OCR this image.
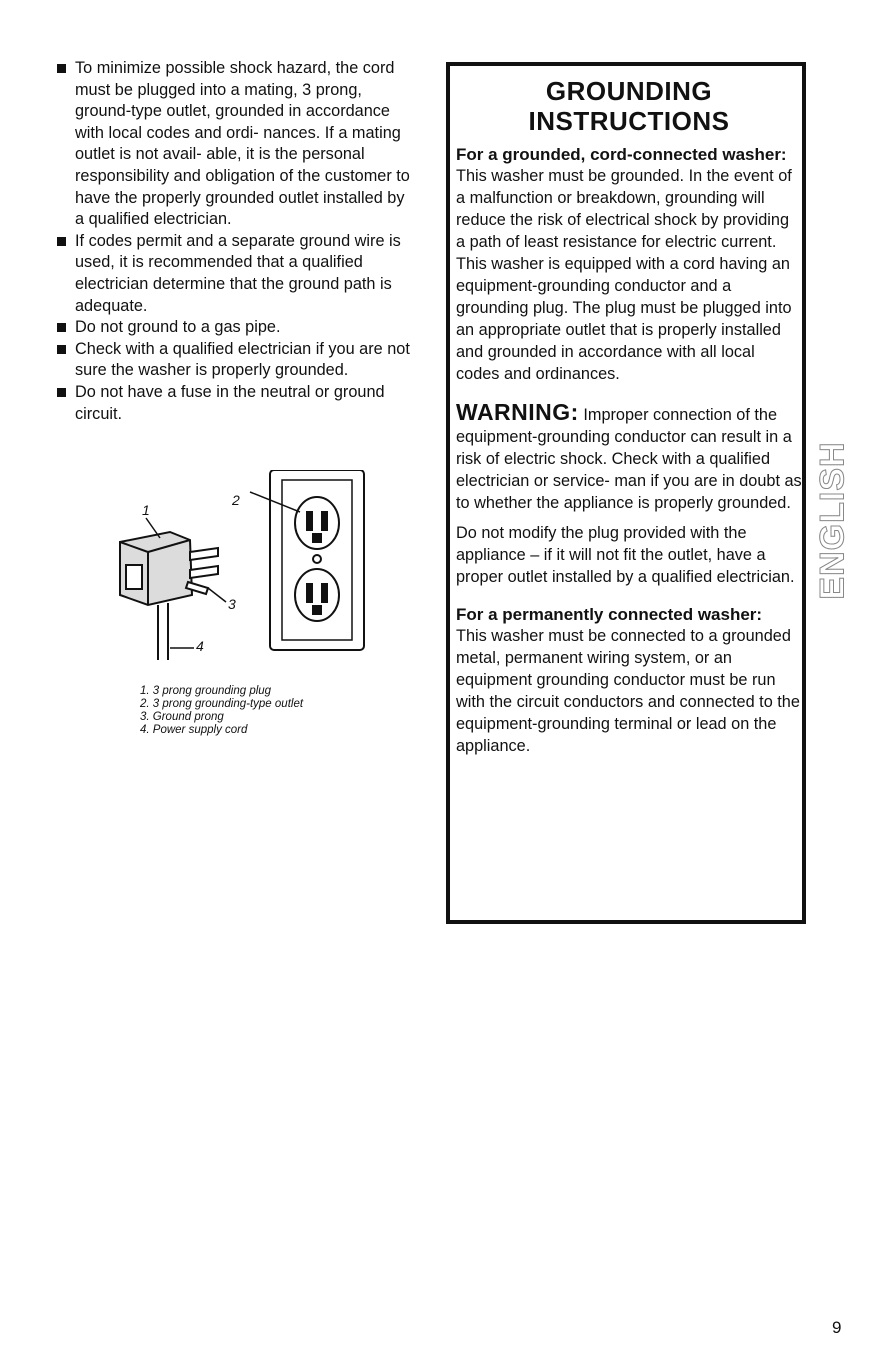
To minimize possible shock hazard, the cord must be plugged into a mating, 3 prong, ground-type outlet, grounded in accordance with local codes and ordi- nances. If a mating outlet is not avail- able, it is the personal responsibility and obligation of the customer to have the properly grounded outlet installed by a qualified electrician.
If codes permit and a separate ground wire is used, it is recommended that a qualified electrician determine that the ground path is adequate.
Do not ground to a gas pipe.
Check with a qualified electrician if you are not sure the washer is properly grounded.
Do not have a fuse in the neutral or ground circuit.
1
2
3
4
1. 3 prong grounding plug
2. 3 prong grounding-type outlet
3. Ground prong
4. Power supply cord
GROUNDING
INSTRUCTIONS

For a grounded, cord-connected washer:

This washer must be grounded. In the event of a malfunction or breakdown, grounding will reduce the risk of electrical shock by providing a path of least resistance for electric current. This washer is equipped with a cord having an equipment-grounding conductor and a grounding plug. The plug must be plugged into an appropriate outlet that is properly installed and grounded in accordance with all local codes and ordinances.

WARNING: Improper connection of the equipment-grounding conductor can result in a risk of electric shock. Check with a qualified electrician or service- man if you are in doubt as to whether the appliance is properly grounded.

Do not modify the plug provided with the appliance – if it will not fit the outlet, have a proper outlet installed by a qualified electrician.

For a permanently connected washer:

This washer must be connected to a grounded metal, permanent wiring system, or an equipment grounding conductor must be run with the circuit conductors and connected to the equipment-grounding terminal or lead on the appliance.

ENGLISH
9
